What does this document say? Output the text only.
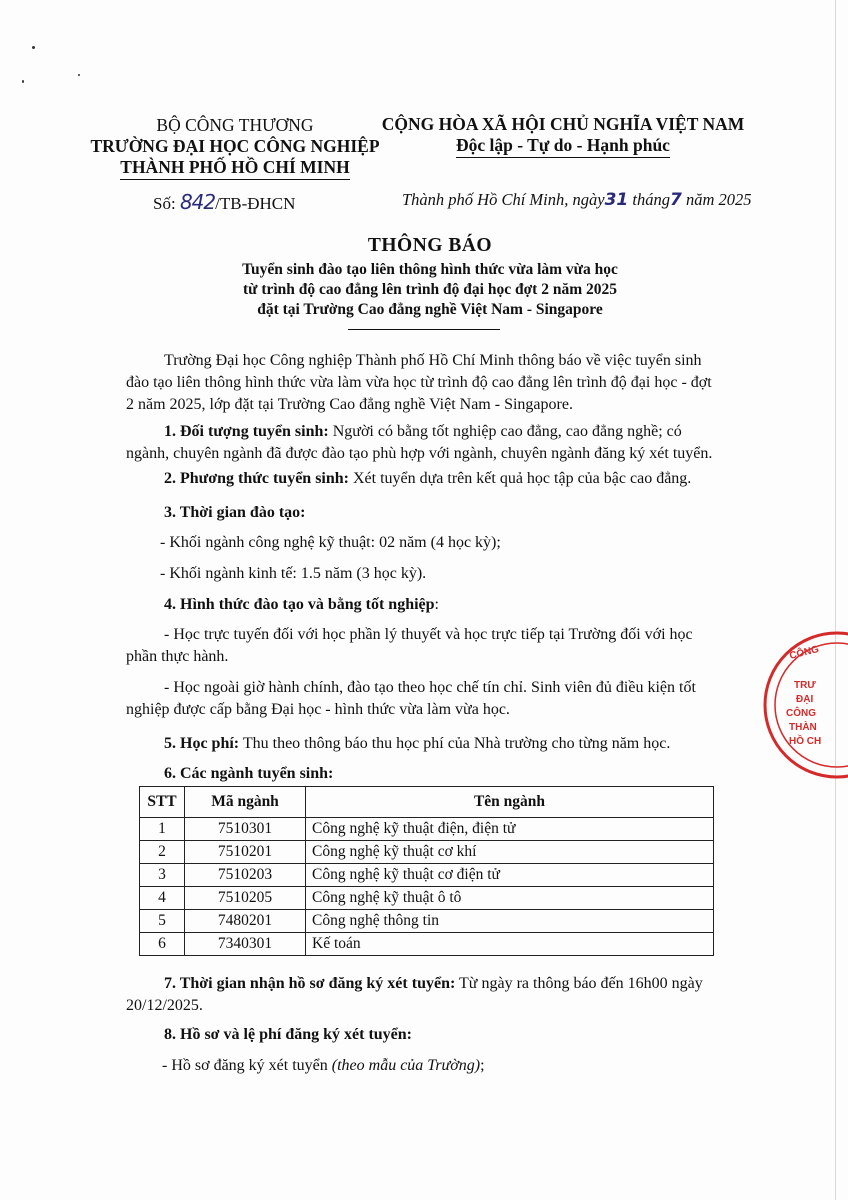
BỘ CÔNG THƯƠNG
TRƯỜNG ĐẠI HỌC CÔNG NGHIỆP
THÀNH PHỐ HỒ CHÍ MINH
CỘNG HÒA XÃ HỘI CHỦ NGHĨA VIỆT NAM
Độc lập - Tự do - Hạnh phúc
Số: 842/TB-ĐHCN	Thành phố Hồ Chí Minh, ngày31 tháng7 năm 2025
THÔNG BÁO
Tuyển sinh đào tạo liên thông hình thức vừa làm vừa học
từ trình độ cao đẳng lên trình độ đại học đợt 2 năm 2025
đặt tại Trường Cao đẳng nghề Việt Nam - Singapore

Trường Đại học Công nghiệp Thành phố Hồ Chí Minh thông báo về việc tuyển sinh đào tạo liên thông hình thức vừa làm vừa học từ trình độ cao đẳng lên trình độ đại học - đợt 2 năm 2025, lớp đặt tại Trường Cao đẳng nghề Việt Nam - Singapore.

1. Đối tượng tuyển sinh: Người có bằng tốt nghiệp cao đẳng, cao đẳng nghề; có ngành, chuyên ngành đã được đào tạo phù hợp với ngành, chuyên ngành đăng ký xét tuyển.

2. Phương thức tuyển sinh: Xét tuyển dựa trên kết quả học tập của bậc cao đẳng.

3. Thời gian đào tạo:

- Khối ngành công nghệ kỹ thuật: 02 năm (4 học kỳ);

- Khối ngành kinh tế: 1.5 năm (3 học kỳ).

4. Hình thức đào tạo và bằng tốt nghiệp:

- Học trực tuyến đối với học phần lý thuyết và học trực tiếp tại Trường đối với học phần thực hành.

- Học ngoài giờ hành chính, đào tạo theo học chế tín chỉ. Sinh viên đủ điều kiện tốt nghiệp được cấp bằng Đại học - hình thức vừa làm vừa học.

5. Học phí: Thu theo thông báo thu học phí của Nhà trường cho từng năm học.

6. Các ngành tuyển sinh:

STT	Mã ngành	Tên ngành
1	7510301	Công nghệ kỹ thuật điện, điện tử
2	7510201	Công nghệ kỹ thuật cơ khí
3	7510203	Công nghệ kỹ thuật cơ điện tử
4	7510205	Công nghệ kỹ thuật ô tô
5	7480201	Công nghệ thông tin
6	7340301	Kế toán

7. Thời gian nhận hồ sơ đăng ký xét tuyển: Từ ngày ra thông báo đến 16h00 ngày 20/12/2025.

8. Hồ sơ và lệ phí đăng ký xét tuyển:

- Hồ sơ đăng ký xét tuyển (theo mẫu của Trường);

CÔNG
TRƯ
ĐẠI
CÔNG
THÀN
HỒ CH
